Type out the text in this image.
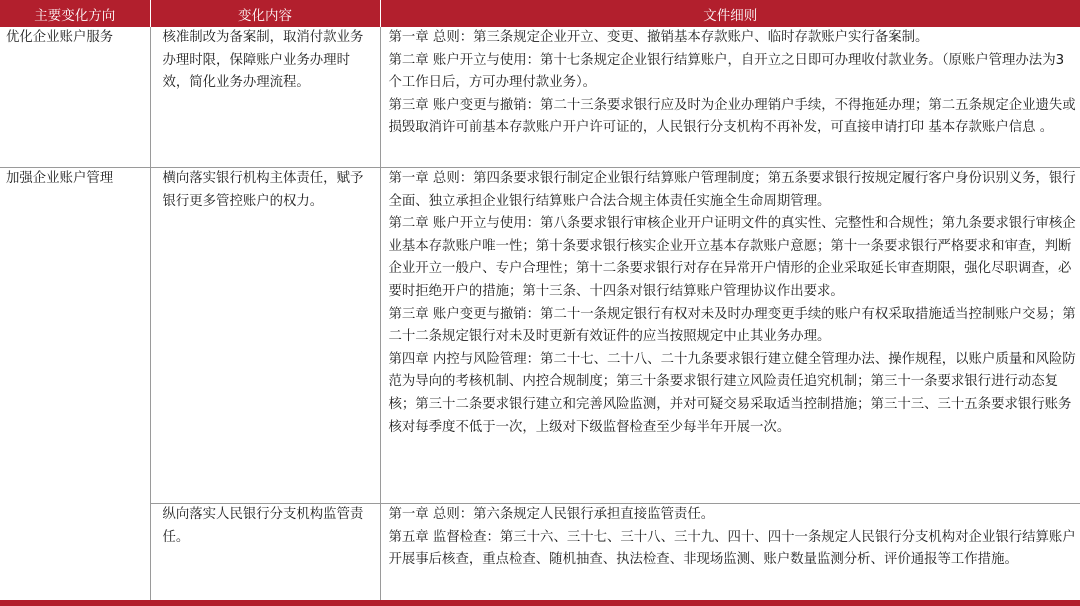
主要变化方向	变化内容	文件细则
优化企业账户服务	核准制改为备案制，取消付款业务办理时限，保障账户业务办理时效，简化业务办理流程。	第一章 总则：第三条规定企业开立、变更、撤销基本存款账户、临时存款账户实行备案制。
第二章 账户开立与使用：第十七条规定企业银行结算账户，自开立之日即可办理收付款业务。（原账户管理办法为3个工作日后，方可办理付款业务）。
第三章 账户变更与撤销：第二十三条要求银行应及时为企业办理销户手续，不得拖延办理；第二五条规定企业遗失或损毁取消许可前基本存款账户开户许可证的，人民银行分支机构不再补发，可直接申请打印 基本存款账户信息 。

加强企业账户管理	横向落实银行机构主体责任，赋予银行更多管控账户的权力。	第一章 总则：第四条要求银行制定企业银行结算账户管理制度；第五条要求银行按规定履行客户身份识别义务，银行全面、独立承担企业银行结算账户合法合规主体责任实施全生命周期管理。
第二章 账户开立与使用：第八条要求银行审核企业开户证明文件的真实性、完整性和合规性；第九条要求银行审核企业基本存款账户唯一性；第十条要求银行核实企业开立基本存款账户意愿；第十一条要求银行严格要求和审查，判断企业开立一般户、专户合理性；第十二条要求银行对存在异常开户情形的企业采取延长审查期限，强化尽职调查，必要时拒绝开户的措施；第十三条、十四条对银行结算账户管理协议作出要求。
第三章 账户变更与撤销：第二十一条规定银行有权对未及时办理变更手续的账户有权采取措施适当控制账户交易；第二十二条规定银行对未及时更新有效证件的应当按照规定中止其业务办理。
第四章 内控与风险管理：第二十七、二十八、二十九条要求银行建立健全管理办法、操作规程，以账户质量和风险防范为导向的考核机制、内控合规制度；第三十条要求银行建立风险责任追究机制；第三十一条要求银行进行动态复核；第三十二条要求银行建立和完善风险监测，并对可疑交易采取适当控制措施；第三十三、三十五条要求银行账务核对每季度不低于一次，上级对下级监督检查至少每半年开展一次。

	纵向落实人民银行分支机构监管责任。	第一章 总则：第六条规定人民银行承担直接监管责任。
第五章 监督检查：第三十六、三十七、三十八、三十九、四十、四十一条规定人民银行分支机构对企业银行结算账户开展事后核查，重点检查、随机抽查、执法检查、非现场监测、账户数量监测分析、评价通报等工作措施。
